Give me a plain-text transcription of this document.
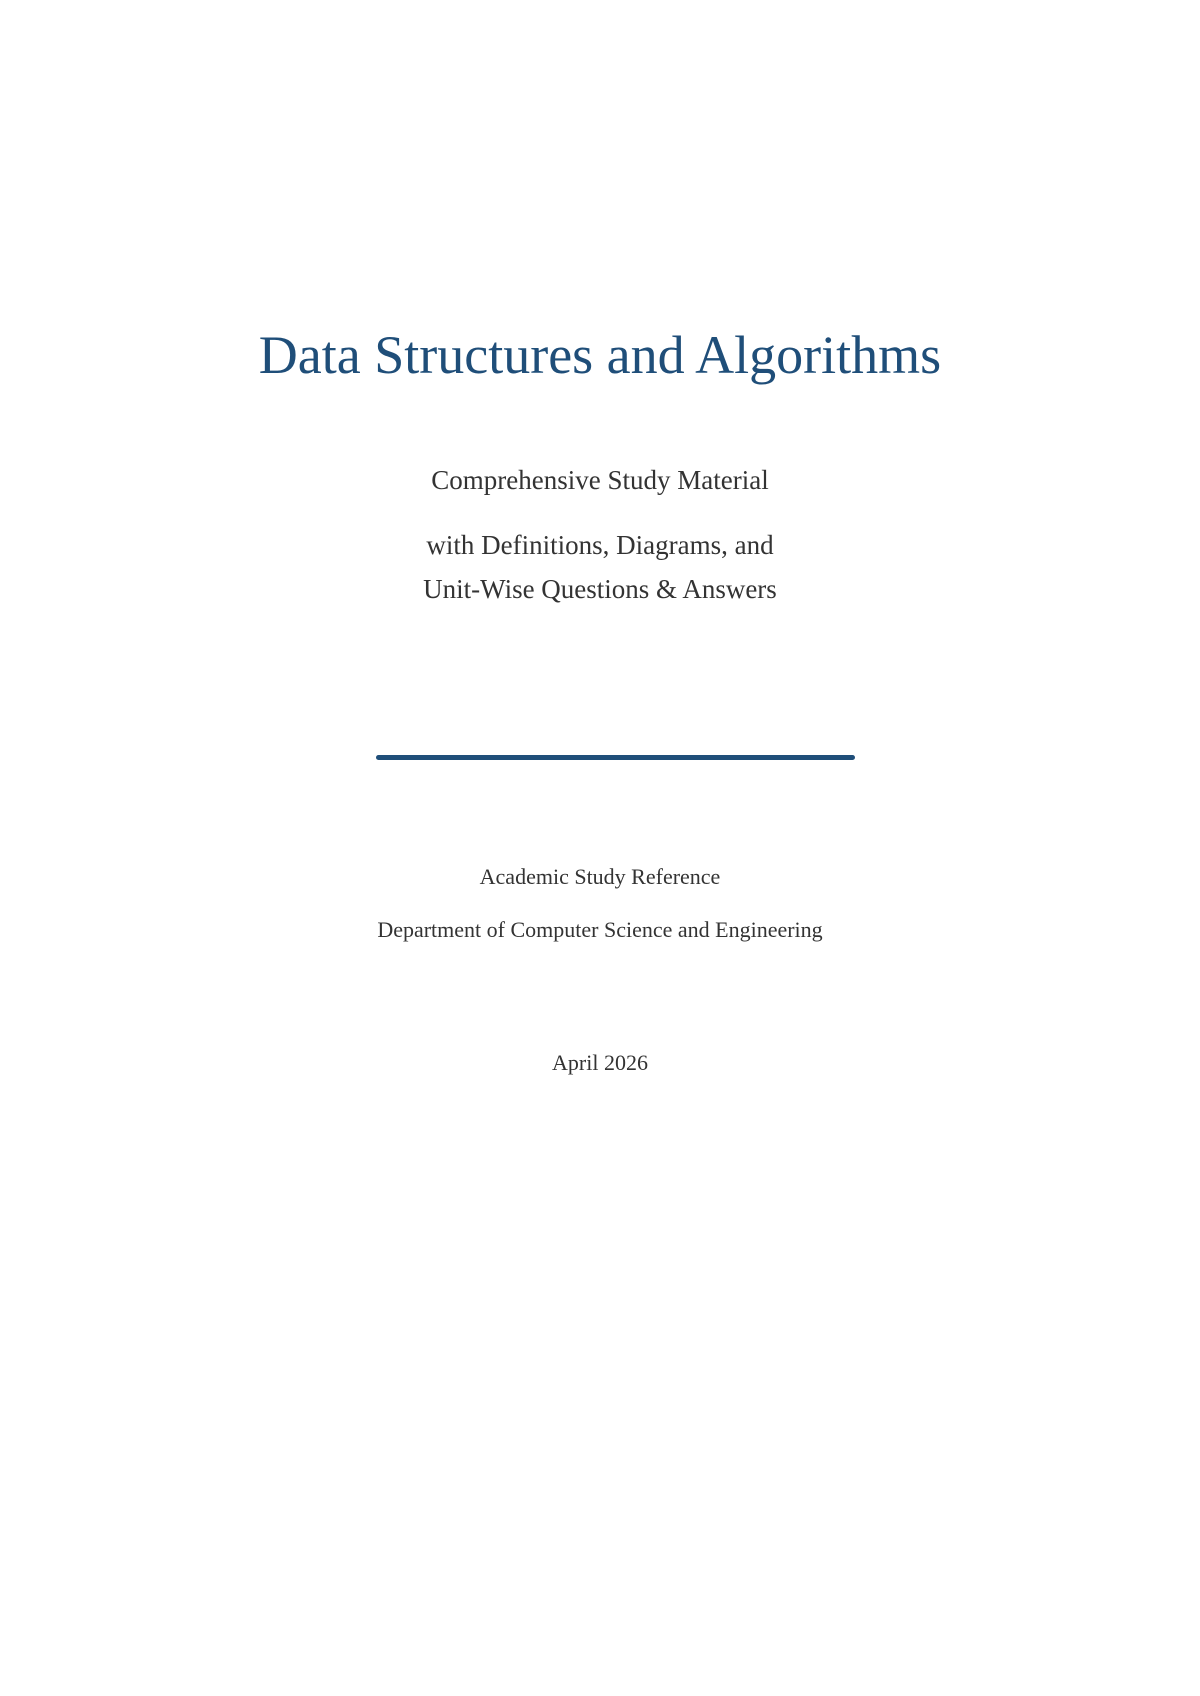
Data Structures and Algorithms
Comprehensive Study Material
with Definitions, Diagrams, and
Unit-Wise Questions & Answers
Academic Study Reference
Department of Computer Science and Engineering
April 2026
